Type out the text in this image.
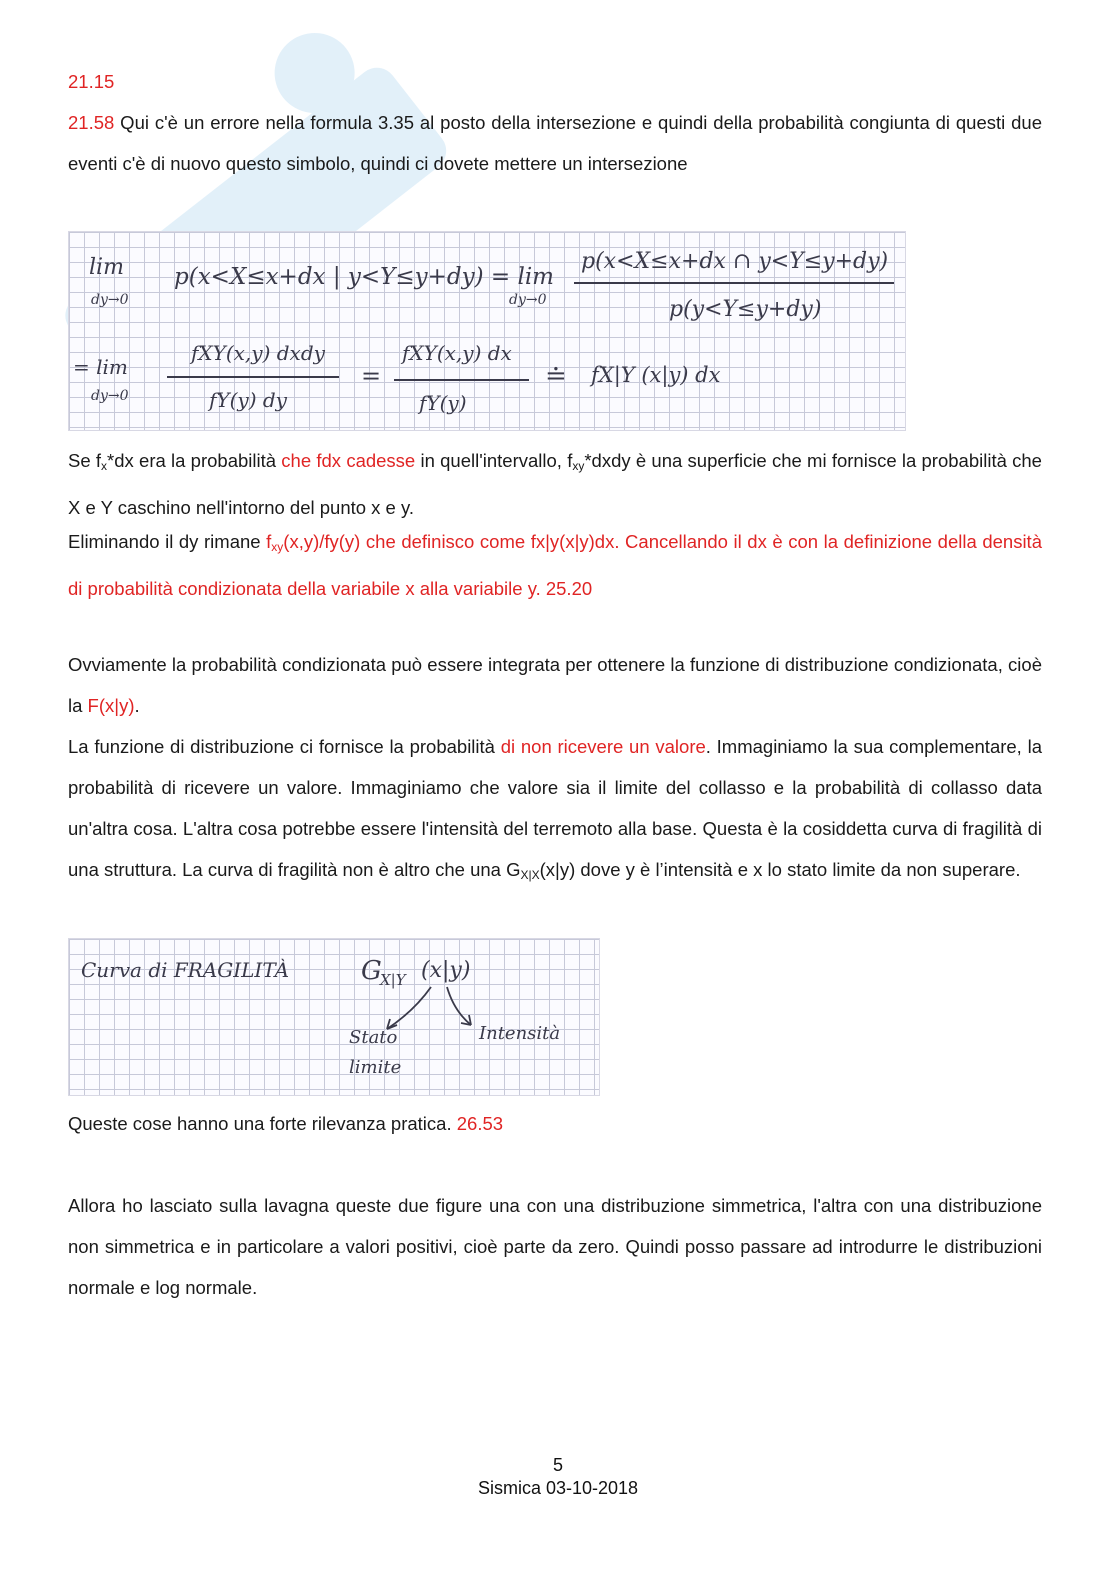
21.15

21.58 Qui c'è un errore nella formula 3.35 al posto della intersezione e quindi della probabilità congiunta di questi due eventi c'è di nuovo questo simbolo, quindi ci dovete mettere un intersezione

lim
dy→0
p(x<X≤x+dx | y<Y≤y+dy) = lim
dy→0
p(x<X≤x+dx ∩ y<Y≤y+dy)
p(y<Y≤y+dy)
= lim
dy→0
fXY(x,y) dxdy
fY(y) dy
=
fXY(x,y) dx
fY(y)
≐ fX|Y (x|y) dx

Se $f_x*dx$ era la probabilità che fdx cadesse in quell'intervallo, $f_{xy}*dxdy$ è una superficie che mi fornisce la probabilità che X e Y caschino nell'intorno del punto x e y.

Eliminando il dy rimane $f_{xy}(x,y)/fy(y)$ che definisco come fx|y(x|y)dx. Cancellando il dx è con la definizione della densità di probabilità condizionata della variabile x alla variabile y. 25.20

Ovviamente la probabilità condizionata può essere integrata per ottenere la funzione di distribuzione condizionata, cioè la F(x|y).

La funzione di distribuzione ci fornisce la probabilità di non ricevere un valore. Immaginiamo la sua complementare, la probabilità di ricevere un valore. Immaginiamo che valore sia il limite del collasso e la probabilità di collasso data un'altra cosa. L'altra cosa potrebbe essere l'intensità del terremoto alla base. Questa è la cosiddetta curva di fragilità di una struttura. La curva di fragilità non è altro che una $G_{X|X}(x|y)$ dove y è l’intensità e x lo stato limite da non superare.

Curva di FRAGILITÀ	G
X|Y (x|y)
Stato
limite
Intensità

Queste cose hanno una forte rilevanza pratica. 26.53

Allora ho lasciato sulla lavagna queste due figure una con una distribuzione simmetrica, l'altra con una distribuzione non simmetrica e in particolare a valori positivi, cioè parte da zero. Quindi posso passare ad introdurre le distribuzioni normale e log normale.

5
Sismica 03-10-2018
